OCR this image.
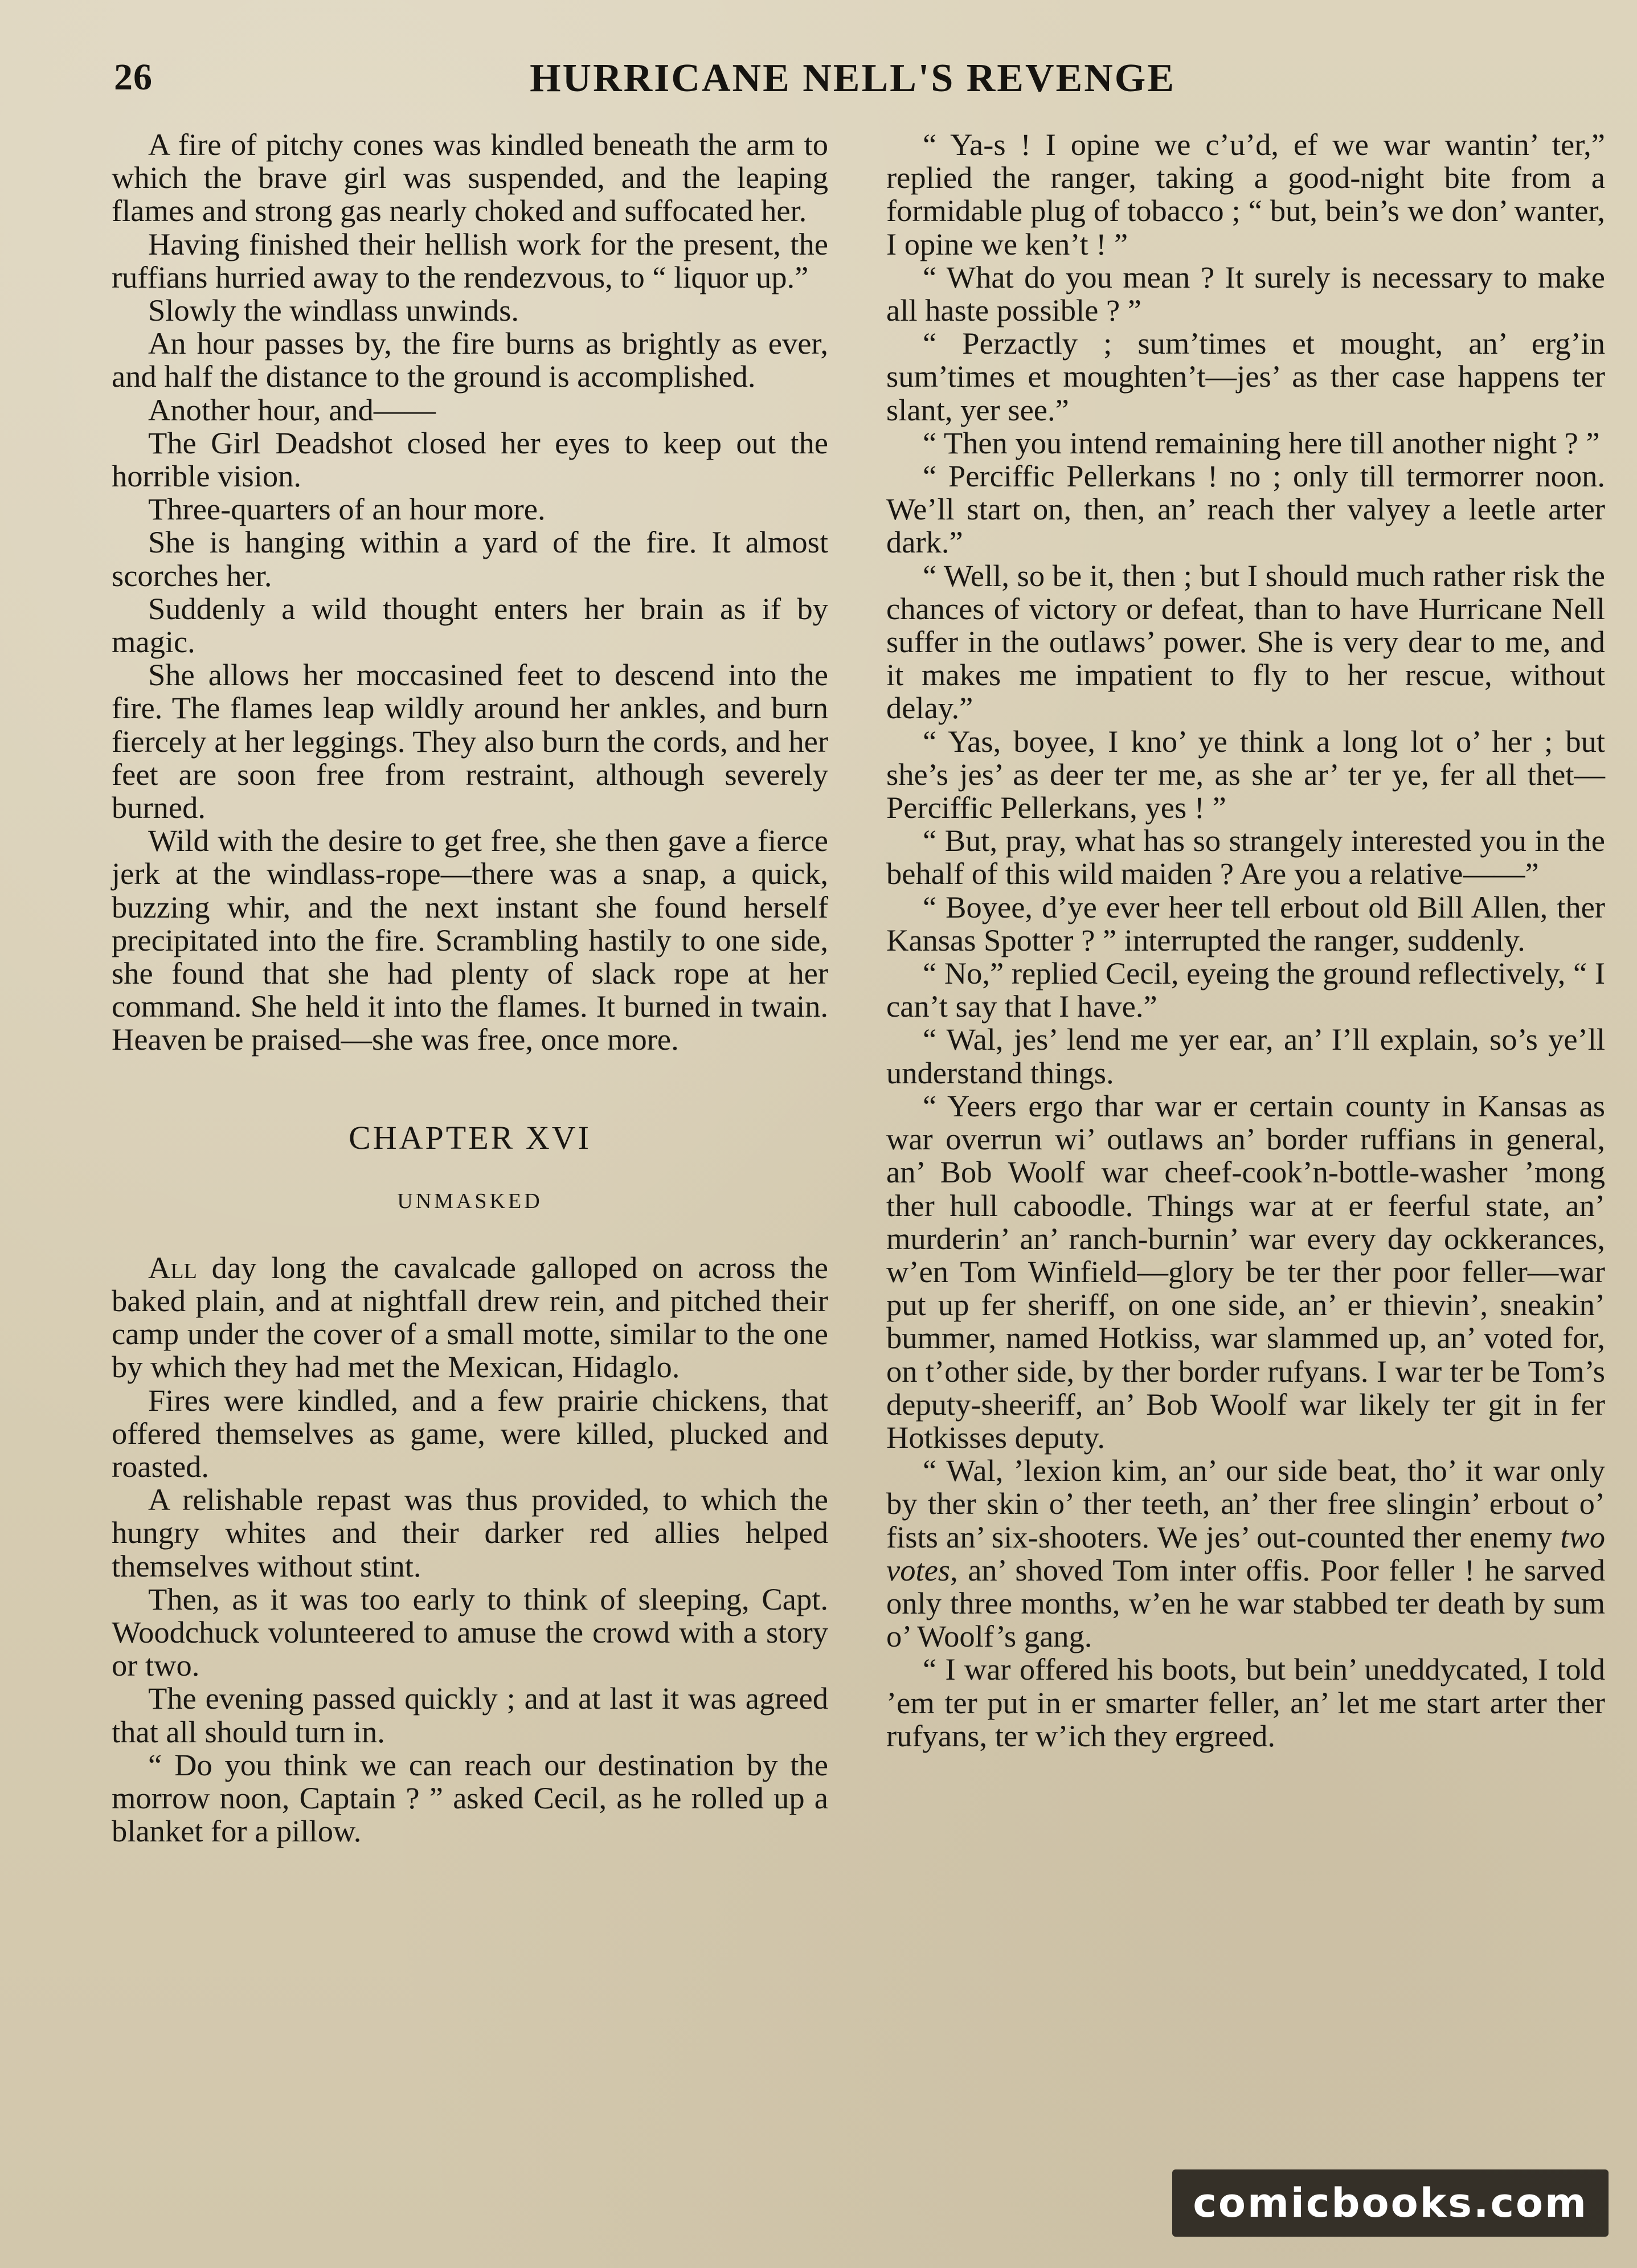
26	HURRICANE NELL'S REVENGE

A fire of pitchy cones was kindled beneath the arm to which the brave girl was suspended, and the leaping flames and strong gas nearly choked and suffocated her.

Having finished their hellish work for the present, the ruffians hurried away to the rendezvous, to “ liquor up.”

Slowly the windlass unwinds.

An hour passes by, the fire burns as brightly as ever, and half the distance to the ground is accomplished.

Another hour, and——

The Girl Deadshot closed her eyes to keep out the horrible vision.

Three-quarters of an hour more.

She is hanging within a yard of the fire. It almost scorches her.

Suddenly a wild thought enters her brain as if by magic.

She allows her moccasined feet to descend into the fire. The flames leap wildly around her ankles, and burn fiercely at her leggings. They also burn the cords, and her feet are soon free from restraint, although severely burned.

Wild with the desire to get free, she then gave a fierce jerk at the windlass-rope—there was a snap, a quick, buzzing whir, and the next instant she found herself precipitated into the fire. Scrambling hastily to one side, she found that she had plenty of slack rope at her command. She held it into the flames. It burned in twain. Heaven be praised—she was free, once more.

CHAPTER XVI
UNMASKED

All day long the cavalcade galloped on across the baked plain, and at nightfall drew rein, and pitched their camp under the cover of a small motte, similar to the one by which they had met the Mexican, Hidaglo.

Fires were kindled, and a few prairie chickens, that offered themselves as game, were killed, plucked and roasted.

A relishable repast was thus provided, to which the hungry whites and their darker red allies helped themselves without stint.

Then, as it was too early to think of sleeping, Capt. Woodchuck volunteered to amuse the crowd with a story or two.

The evening passed quickly ; and at last it was agreed that all should turn in.

“ Do you think we can reach our destination by the morrow noon, Captain ? ” asked Cecil, as he rolled up a blanket for a pillow.

“ Ya-s ! I opine we c’u’d, ef we war wantin’ ter,” replied the ranger, taking a good-night bite from a formidable plug of tobacco ; “ but, bein’s we don’ wanter, I opine we ken’t ! ”

“ What do you mean ? It surely is necessary to make all haste possible ? ”

“ Perzactly ; sum’times et mought, an’ erg’in sum’times et moughten’t—jes’ as ther case happens ter slant, yer see.”

“ Then you intend remaining here till another night ? ”

“ Perciffic Pellerkans ! no ; only till termorrer noon. We’ll start on, then, an’ reach ther valyey a leetle arter dark.”

“ Well, so be it, then ; but I should much rather risk the chances of victory or defeat, than to have Hurricane Nell suffer in the outlaws’ power. She is very dear to me, and it makes me impatient to fly to her rescue, without delay.”

“ Yas, boyee, I kno’ ye think a long lot o’ her ; but she’s jes’ as deer ter me, as she ar’ ter ye, fer all thet—Perciffic Pellerkans, yes ! ”

“ But, pray, what has so strangely interested you in the behalf of this wild maiden ? Are you a relative——”

“ Boyee, d’ye ever heer tell erbout old Bill Allen, ther Kansas Spotter ? ” interrupted the ranger, suddenly.

“ No,” replied Cecil, eyeing the ground reflectively, “ I can’t say that I have.”

“ Wal, jes’ lend me yer ear, an’ I’ll explain, so’s ye’ll understand things.

“ Yeers ergo thar war er certain county in Kansas as war overrun wi’ outlaws an’ border ruffians in general, an’ Bob Woolf war cheef-cook’n-bottle-washer ’mong ther hull caboodle. Things war at er feerful state, an’ murderin’ an’ ranch-burnin’ war every day ockkerances, w’en Tom Winfield—glory be ter ther poor feller—war put up fer sheriff, on one side, an’ er thievin’, sneakin’ bummer, named Hotkiss, war slammed up, an’ voted for, on t’other side, by ther border rufyans. I war ter be Tom’s deputy-sheeriff, an’ Bob Woolf war likely ter git in fer Hotkisses deputy.

“ Wal, ’lexion kim, an’ our side beat, tho’ it war only by ther skin o’ ther teeth, an’ ther free slingin’ erbout o’ fists an’ six-shooters. We jes’ out-counted ther enemy two votes, an’ shoved Tom inter offis. Poor feller ! he sarved only three months, w’en he war stabbed ter death by sum o’ Woolf’s gang.

“ I war offered his boots, but bein’ uneddycated, I told ’em ter put in er smarter feller, an’ let me start arter ther rufyans, ter w’ich they ergreed.

comicbooks.com
